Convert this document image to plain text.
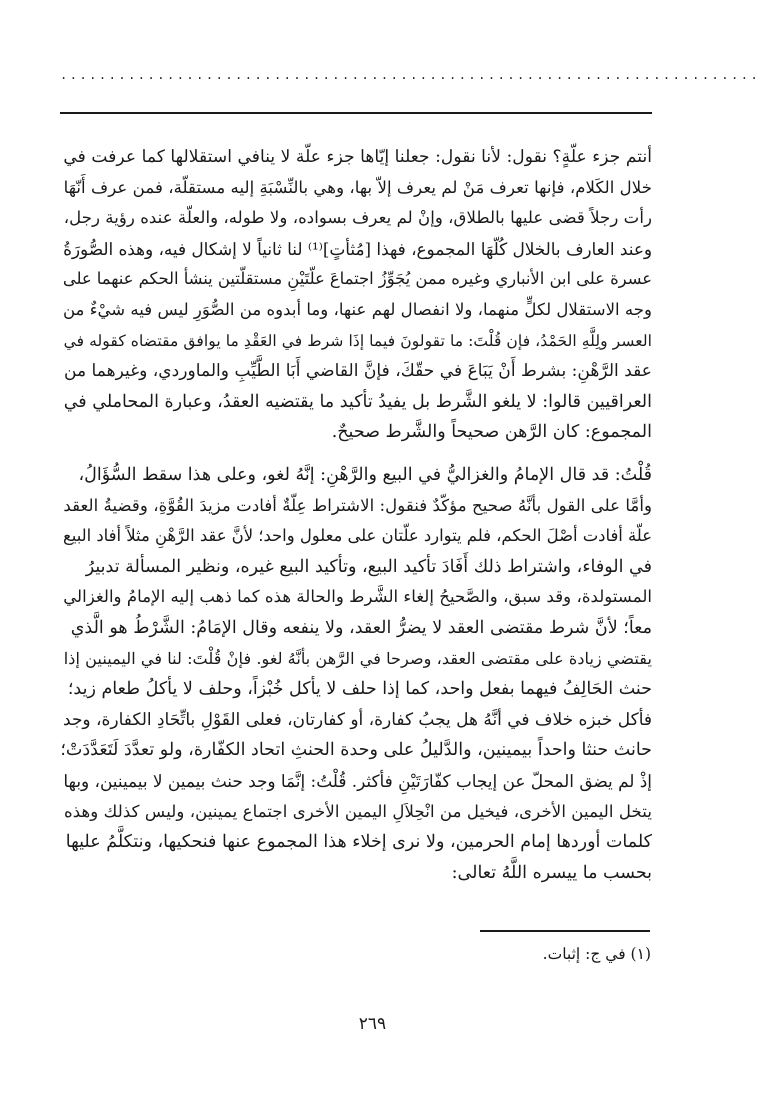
........................................................................

أنتم جزء علّةٍ؟ نقول: لأنا نقول: جعلنا إيّاها جزء علّة لا ينافي استقلالها كما عرفت في
خلال الكَلام، فإنها تعرف مَنْ لم يعرف إلاّ بها، وهي بالنِّسْبَةِ إليه مستقلّة، فمن عرف أَنّهَا
رأت رجلاً قضى عليها بالطلاق، وإنْ لم يعرف بسواده، ولا طوله، والعلّة عنده رؤية رجل،
وعند العارف بالخلال كُلّهَا المجموع، فهذا [مُثأتٍ]⁽¹⁾ لنا ثانياً لا إشكال فيه، وهذه الصُّورَةُ
عسرة على ابن الأنباري وغيره ممن يُجَوِّزُ اجتماعَ علّتَيْنِ مستقلّتين ينشأ الحكم عنهما على
وجه الاستقلال لكلٍّ منهما، ولا انفصال لهم عنها، وما أبدوه من الصُّوَرِ ليس فيه شيْءٌ من
العسر ولِلَّهِ الحَمْدُ، فإن قُلْتَ: ما تقولونَ فيما إذَا شرط في العَقْدِ ما يوافق مقتضاه كقوله في
عقد الرَّهْنِ: بشرط أَنْ يَبَاعَ في حقّكَ، فإنَّ القاضي أَبَا الطَّيِّبِ والماوردي، وغيرهما من
العراقيين قالوا: لا يلغو الشَّرط بل يفيدُ تأكيد ما يقتضيه العقدُ، وعبارة المحاملي في
المجموع: كان الرَّهن صحيحاً والشَّرط صحيحٌ.

قُلْتُ: قد قال الإمامُ والغزاليُّ في البيع والرَّهْنِ: إنَّهُ لغو، وعلى هذا سقط السُّؤَالُ،
وأمَّا على القول بأنَّهُ صحيح مؤكّدٌ فنقول: الاشتراط عِلّةٌ أفادت مزيدَ القُوَّةِ، وقضيةُ العقد
علّة أفادت أصْلَ الحكم، فلم يتوارد علّتان على معلول واحد؛ لأنَّ عقد الرَّهْنِ مثلاً أفاد البيع
في الوفاء، واشتراط ذلك أَفَادَ تأكيد البيع، وتأكيد البيع غيره، ونظير المسألة تدبيرُ
المستولدة، وقد سبق، والصَّحيحُ إلغاء الشَّرط والحالة هذه كما ذهب إليه الإمامُ والغزالي
معاً؛ لأنَّ شرط مقتضى العقد لا يضرُّ العقد، ولا ينفعه وقال الإمَامُ: الشَّرْطُ هو الَّذي
يقتضي زيادة على مقتضى العقد، وصرحا في الرَّهن بأنَّهُ لغو. فإنْ قُلْتَ: لنا في اليمينين إذا
حنث الحَالِفُ فيهما بفعل واحد، كما إذا حلف لا يأكل خُبْزاً، وحلف لا يأكلُ طعام زيد؛
فأكل خبزه خلاف في أنَّهُ هل يجبُ كفارة، أو كفارتان، فعلى القَوْلِ باتِّحَادِ الكفارة، وجد
حانث حنثا واحداً بيمينين، والدَّليلُ على وحدة الحنثِ اتحاد الكفّارة، ولو تعدَّدَ لَتَعَدَّدَتْ؛
إذْ لم يضق المحلّ عن إيجاب كفّارَتَيْنِ فأكثر. قُلْتُ: إنَّمَا وجد حنث بيمين لا بيمينين، وبها
يتخل اليمين الأخرى، فيخيل من انْحِلاَلِ اليمين الأخرى اجتماع يمينين، وليس كذلك وهذه
كلمات أوردها إمام الحرمين، ولا نرى إخلاء هذا المجموع عنها فنحكيها، ونتكلَّمُ عليها
بحسب ما ييسره اللَّهُ تعالى:

(١) في ج: إثبات.
٢٦٩
